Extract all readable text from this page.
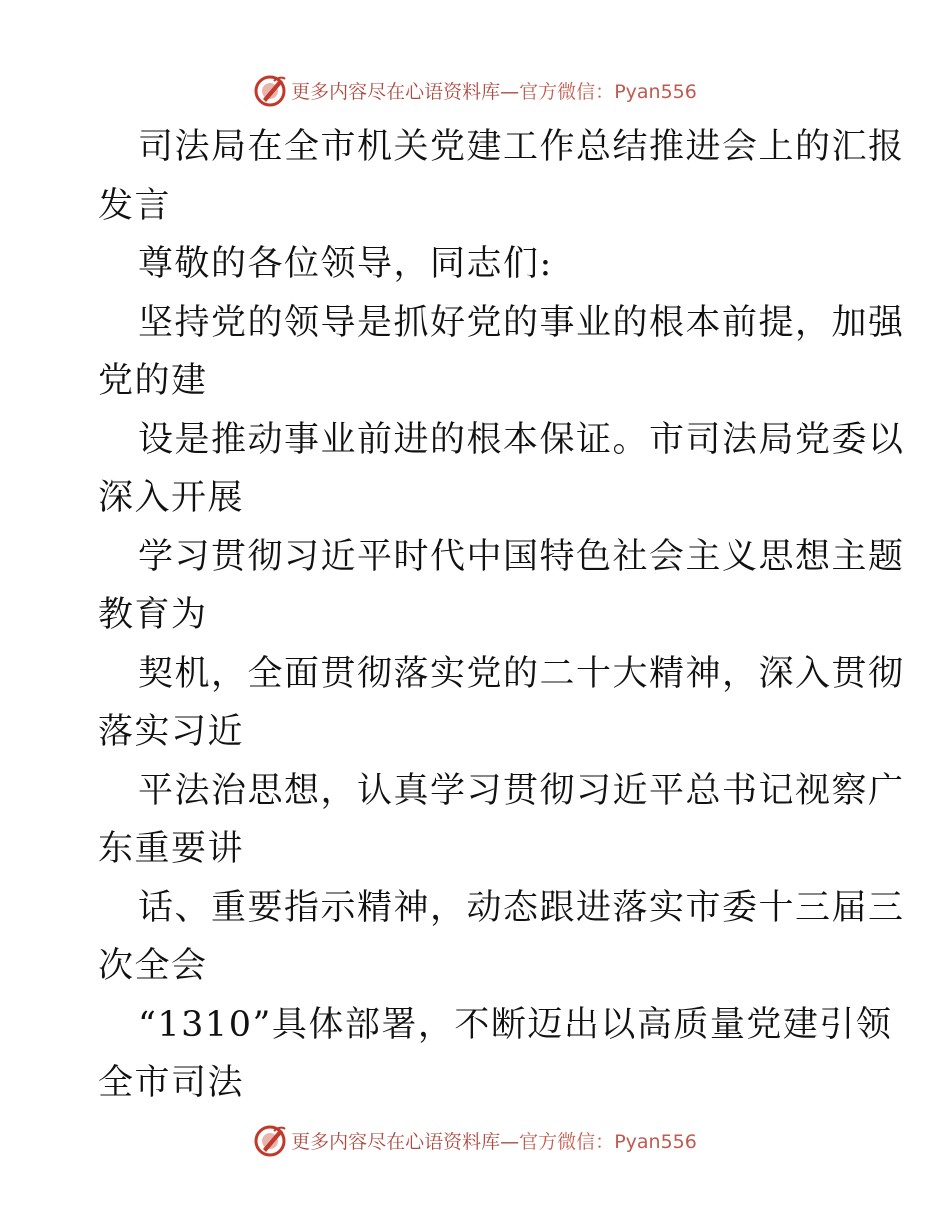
更多内容尽在心语资料库—官方微信：Pyan556
司法局在全市机关党建工作总结推进会上的汇报
发言
尊敬的各位领导，同志们:
坚持党的领导是抓好党的事业的根本前提，加强
党的建
设是推动事业前进的根本保证。市司法局党委以
深入开展
学习贯彻习近平时代中国特色社会主义思想主题
教育为
契机，全面贯彻落实党的二十大精神，深入贯彻
落实习近
平法治思想，认真学习贯彻习近平总书记视察广
东重要讲
话、重要指示精神，动态跟进落实市委十三届三
次全会
“1310”具体部署，不断迈出以高质量党建引领
全市司法
更多内容尽在心语资料库—官方微信：Pyan556
